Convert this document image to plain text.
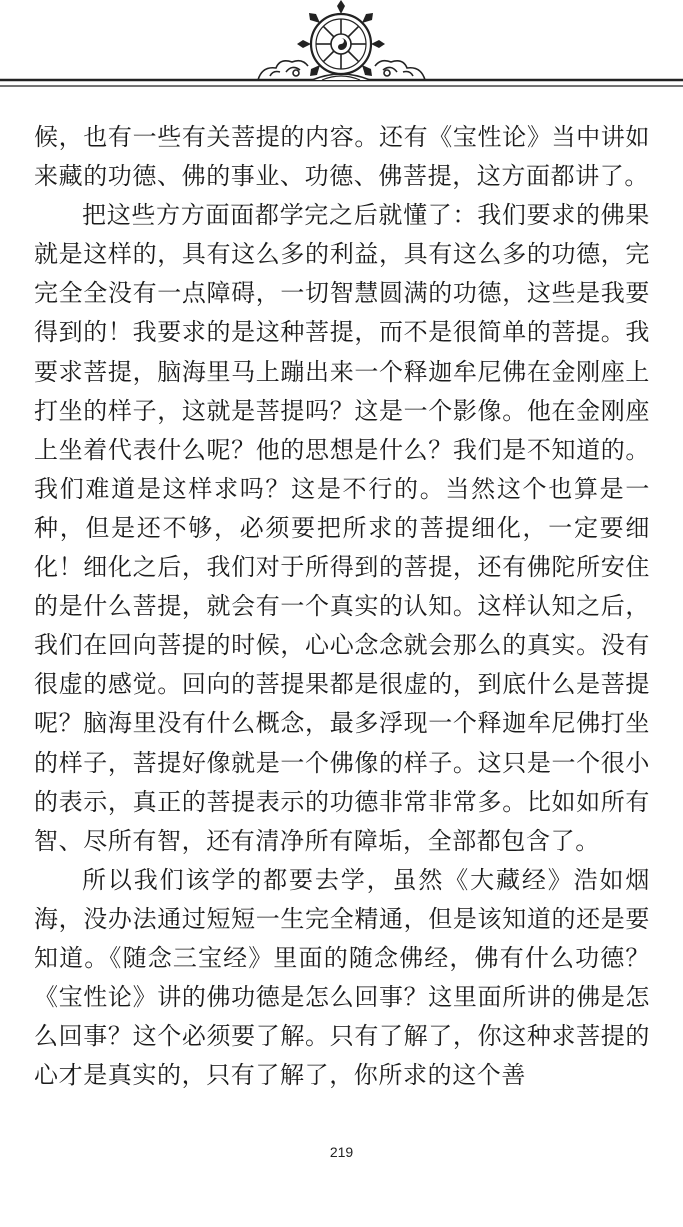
候，也有一些有关菩提的内容。还有《宝性论》当中讲如来藏的功德、佛的事业、功德、佛菩提，这方面都讲了。

把这些方方面面都学完之后就懂了：我们要求的佛果就是这样的，具有这么多的利益，具有这么多的功德，完完全全没有一点障碍，一切智慧圆满的功德，这些是我要得到的！我要求的是这种菩提，而不是很简单的菩提。我要求菩提，脑海里马上蹦出来一个释迦牟尼佛在金刚座上打坐的样子，这就是菩提吗？这是一个影像。他在金刚座上坐着代表什么呢？他的思想是什么？我们是不知道的。我们难道是这样求吗？这是不行的。当然这个也算是一种，但是还不够，必须要把所求的菩提细化，一定要细化！细化之后，我们对于所得到的菩提，还有佛陀所安住的是什么菩提，就会有一个真实的认知。这样认知之后，我们在回向菩提的时候，心心念念就会那么的真实。没有很虚的感觉。回向的菩提果都是很虚的，到底什么是菩提呢？脑海里没有什么概念，最多浮现一个释迦牟尼佛打坐的样子，菩提好像就是一个佛像的样子。这只是一个很小的表示，真正的菩提表示的功德非常非常多。比如如所有智、尽所有智，还有清净所有障垢，全部都包含了。

所以我们该学的都要去学，虽然《大藏经》浩如烟海，没办法通过短短一生完全精通，但是该知道的还是要知道。《随念三宝经》里面的随念佛经，佛有什么功德？《宝性论》讲的佛功德是怎么回事？这里面所讲的佛是怎么回事？这个必须要了解。只有了解了，你这种求菩提的心才是真实的，只有了解了，你所求的这个善

219
